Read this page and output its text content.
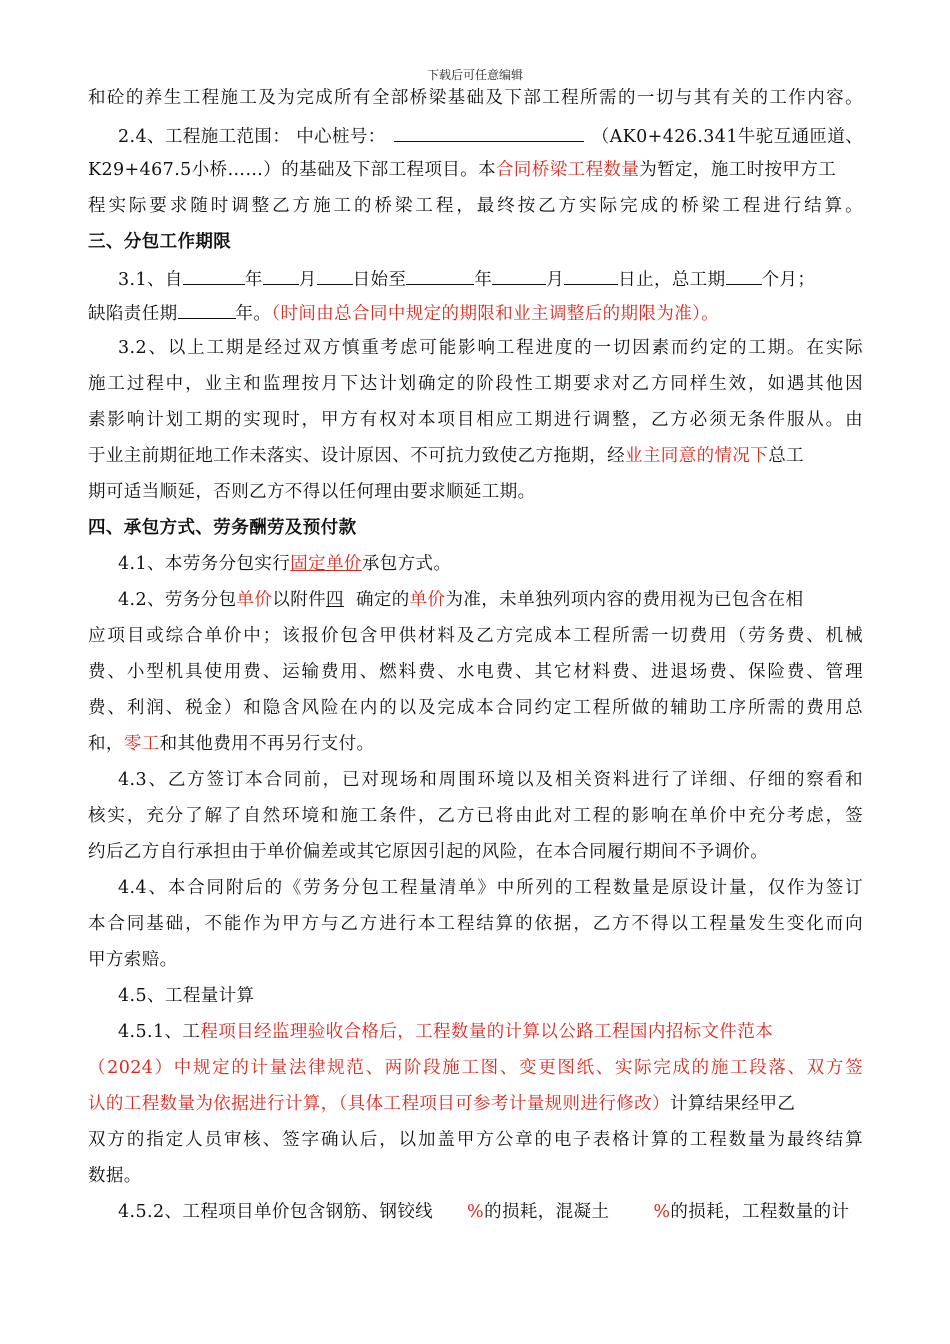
下载后可任意编辑
和砼的养生工程施工及为完成所有全部桥梁基础及下部工程所需的一切与其有关的工作内容。
2.4、工程施工范围： 中心桩号：	（AK0+426.341牛驼互通匝道、
K29+467.5小桥……）的基础及下部工程项目。本合同桥梁工程数量为暂定，施工时按甲方工
程实际要求随时调整乙方施工的桥梁工程，最终按乙方实际完成的桥梁工程进行结算。
三、分包工作期限
3.1、自	年 月 日始至	年	月	日止，总工期 个月；
缺陷责任期	年。（时间由总合同中规定的期限和业主调整后的期限为准）。
3.2、以上工期是经过双方慎重考虑可能影响工程进度的一切因素而约定的工期。在实际
施工过程中，业主和监理按月下达计划确定的阶段性工期要求对乙方同样生效，如遇其他因
素影响计划工期的实现时，甲方有权对本项目相应工期进行调整，乙方必须无条件服从。由
于业主前期征地工作未落实、设计原因、不可抗力致使乙方拖期，经业主同意的情况下总工
期可适当顺延，否则乙方不得以任何理由要求顺延工期。
四、承包方式、劳务酬劳及预付款
4.1、本劳务分包实行固定单价承包方式。
4.2、劳务分包单价以附件四 确定的单价为准，未单独列项内容的费用视为已包含在相
应项目或综合单价中；该报价包含甲供材料及乙方完成本工程所需一切费用（劳务费、机械
费、小型机具使用费、运输费用、燃料费、水电费、其它材料费、进退场费、保险费、管理
费、利润、税金）和隐含风险在内的以及完成本合同约定工程所做的辅助工序所需的费用总
和，零工和其他费用不再另行支付。
4.3、乙方签订本合同前，已对现场和周围环境以及相关资料进行了详细、仔细的察看和
核实，充分了解了自然环境和施工条件，乙方已将由此对工程的影响在单价中充分考虑，签
约后乙方自行承担由于单价偏差或其它原因引起的风险，在本合同履行期间不予调价。
4.4、本合同附后的《劳务分包工程量清单》中所列的工程数量是原设计量，仅作为签订
本合同基础，不能作为甲方与乙方进行本工程结算的依据，乙方不得以工程量发生变化而向
甲方索赔。
4.5、工程量计算
4.5.1、工程项目经监理验收合格后，工程数量的计算以公路工程国内招标文件范本
（2024）中规定的计量法律规范、两阶段施工图、变更图纸、实际完成的施工段落、双方签
认的工程数量为依据进行计算，（具体工程项目可参考计量规则进行修改）计算结果经甲乙
双方的指定人员审核、签字确认后，以加盖甲方公章的电子表格计算的工程数量为最终结算
数据。
4.5.2、工程项目单价包含钢筋、钢铰线 %的损耗，混凝土	%的损耗，工程数量的计
